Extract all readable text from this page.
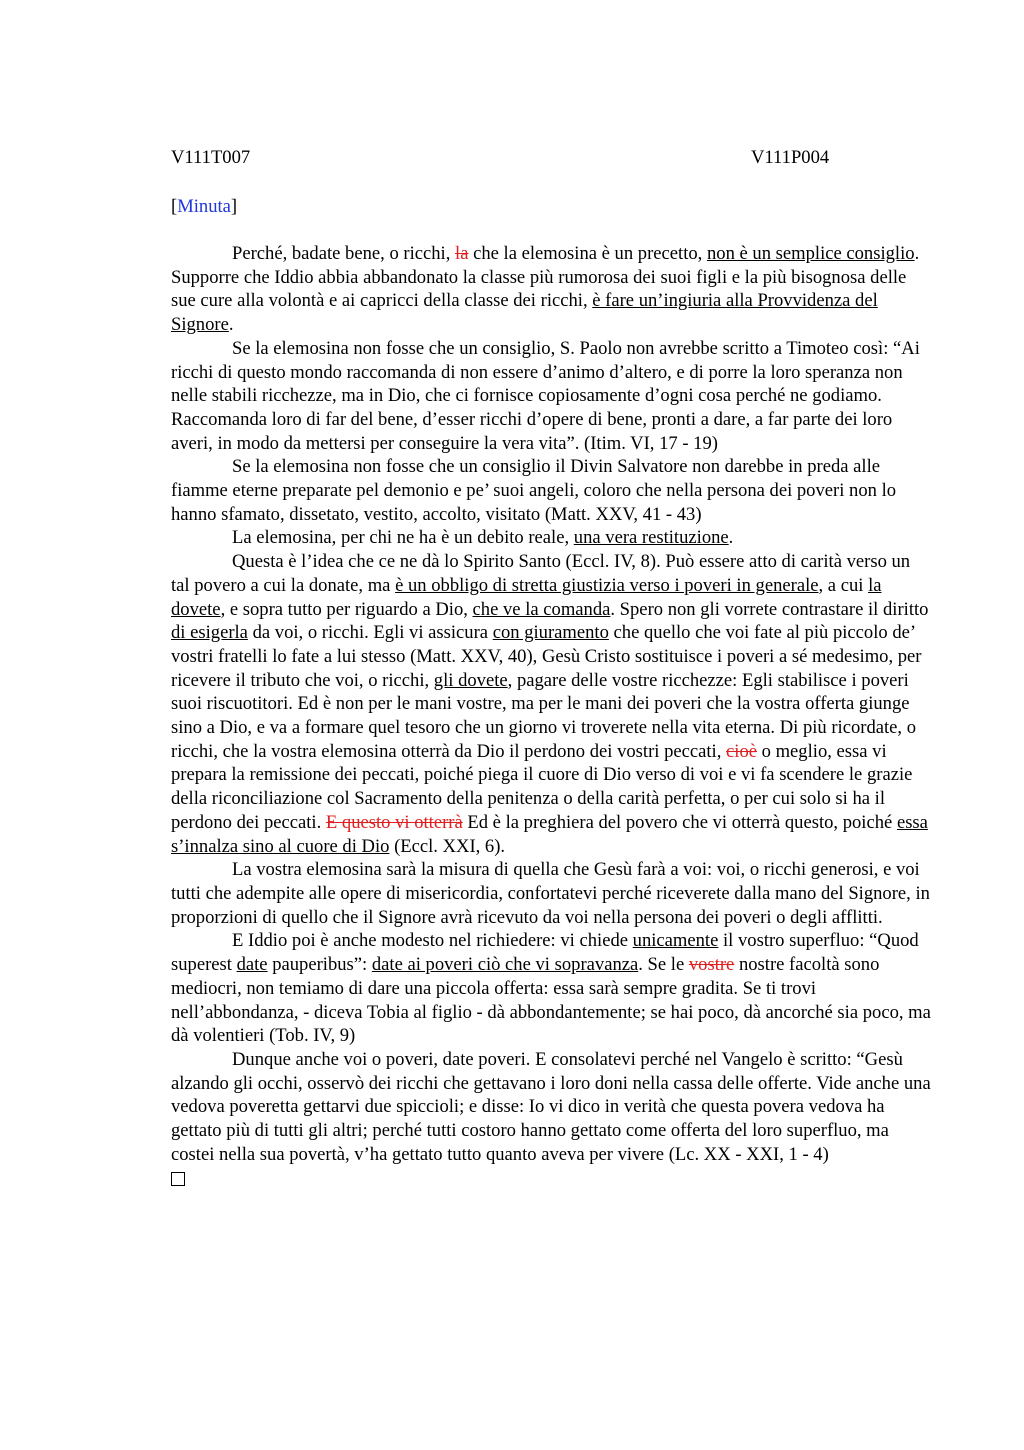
V111T007	V111P004
[Minuta]

Perché, badate bene, o ricchi, la che la elemosina è un precetto, non è un semplice consiglio. Supporre che Iddio abbia abbandonato la classe più rumorosa dei suoi figli e la più bisognosa delle sue cure alla volontà e ai capricci della classe dei ricchi, è fare un’ingiuria alla Provvidenza del Signore.

Se la elemosina non fosse che un consiglio, S. Paolo non avrebbe scritto a Timoteo così: “Ai ricchi di questo mondo raccomanda di non essere d’animo d’altero, e di porre la loro speranza non nelle stabili ricchezze, ma in Dio, che ci fornisce copiosamente d’ogni cosa perché ne godiamo. Raccomanda loro di far del bene, d’esser ricchi d’opere di bene, pronti a dare, a far parte dei loro averi, in modo da mettersi per conseguire la vera vita”. (Itim. VI, 17 - 19)

Se la elemosina non fosse che un consiglio il Divin Salvatore non darebbe in preda alle fiamme eterne preparate pel demonio e pe’ suoi angeli, coloro che nella persona dei poveri non lo hanno sfamato, dissetato, vestito, accolto, visitato (Matt. XXV, 41 - 43)

La elemosina, per chi ne ha è un debito reale, una vera restituzione.

Questa è l’idea che ce ne dà lo Spirito Santo (Eccl. IV, 8). Può essere atto di carità verso un tal povero a cui la donate, ma è un obbligo di stretta giustizia verso i poveri in generale, a cui la dovete, e sopra tutto per riguardo a Dio, che ve la comanda. Spero non gli vorrete contrastare il diritto di esigerla da voi, o ricchi. Egli vi assicura con giuramento che quello che voi fate al più piccolo de’ vostri fratelli lo fate a lui stesso (Matt. XXV, 40), Gesù Cristo sostituisce i poveri a sé medesimo, per ricevere il tributo che voi, o ricchi, gli dovete, pagare delle vostre ricchezze: Egli stabilisce i poveri suoi riscuotitori. Ed è non per le mani vostre, ma per le mani dei poveri che la vostra offerta giunge sino a Dio, e va a formare quel tesoro che un giorno vi troverete nella vita eterna. Di più ricordate, o ricchi, che la vostra elemosina otterrà da Dio il perdono dei vostri peccati, cioè o meglio, essa vi prepara la remissione dei peccati, poiché piega il cuore di Dio verso di voi e vi fa scendere le grazie della riconciliazione col Sacramento della penitenza o della carità perfetta, o per cui solo si ha il perdono dei peccati. E questo vi otterrà Ed è la preghiera del povero che vi otterrà questo, poiché essa s’innalza sino al cuore di Dio (Eccl. XXI, 6).

La vostra elemosina sarà la misura di quella che Gesù farà a voi: voi, o ricchi generosi, e voi tutti che adempite alle opere di misericordia, confortatevi perché riceverete dalla mano del Signore, in proporzioni di quello che il Signore avrà ricevuto da voi nella persona dei poveri o degli afflitti.

E Iddio poi è anche modesto nel richiedere: vi chiede unicamente il vostro superfluo: “Quod superest date pauperibus”: date ai poveri ciò che vi sopravanza. Se le vostre nostre facoltà sono mediocri, non temiamo di dare una piccola offerta: essa sarà sempre gradita. Se ti trovi nell’abbondanza, - diceva Tobia al figlio - dà abbondantemente; se hai poco, dà ancorché sia poco, ma dà volentieri (Tob. IV, 9)

Dunque anche voi o poveri, date poveri. E consolatevi perché nel Vangelo è scritto: “Gesù alzando gli occhi, osservò dei ricchi che gettavano i loro doni nella cassa delle offerte. Vide anche una vedova poveretta gettarvi due spiccioli; e disse: Io vi dico in verità che questa povera vedova ha gettato più di tutti gli altri; perché tutti costoro hanno gettato come offerta del loro superfluo, ma costei nella sua povertà, v’ha gettato tutto quanto aveva per vivere (Lc. XX - XXI, 1 - 4)
